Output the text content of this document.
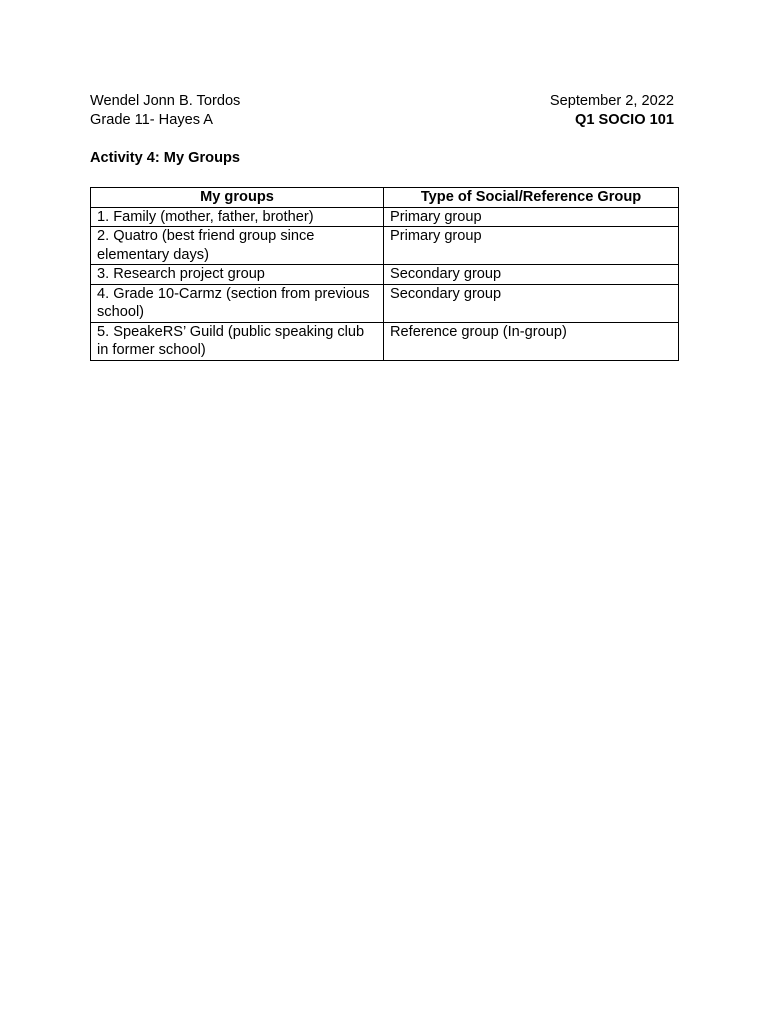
Wendel Jonn B. Tordos
Grade 11- Hayes A
September 2, 2022
Q1 SOCIO 101
Activity 4: My Groups
My groups	Type of Social/Reference Group
1. Family (mother, father, brother)	Primary group
2. Quatro (best friend group since elementary days)	Primary group
3. Research project group	Secondary group
4. Grade 10-Carmz (section from previous school)	Secondary group
5. SpeakeRS’ Guild (public speaking club in former school)	Reference group (In-group)
